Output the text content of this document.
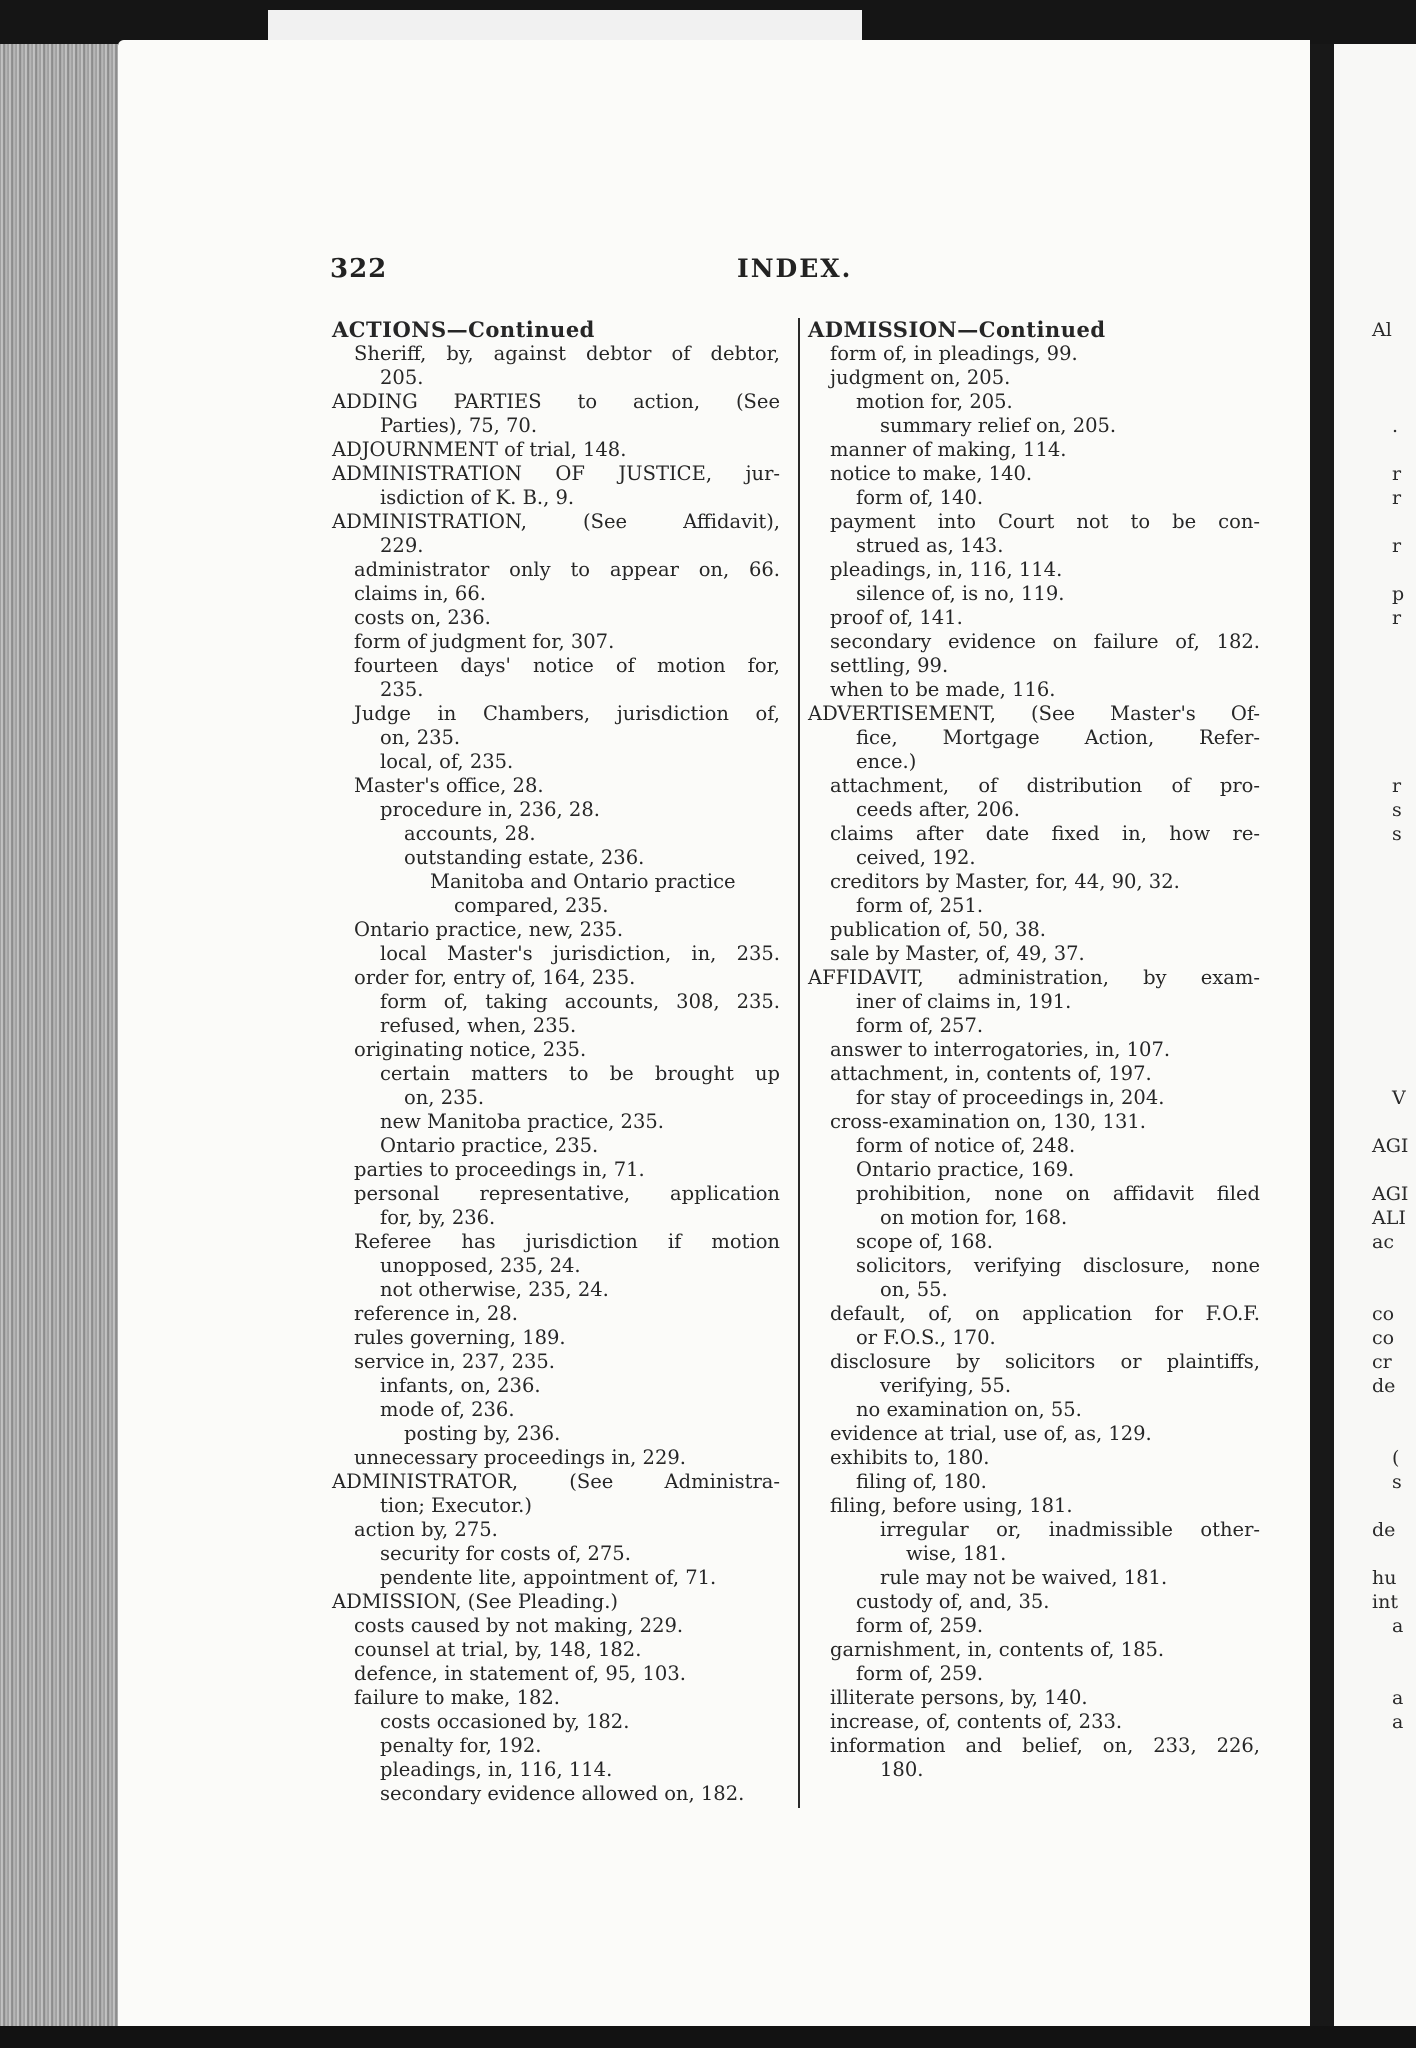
Al
.
r
r
r
p
r
r
s
s
V
AGI
AGI
ALI
ac
co
co
cr
de
(
s
de
hu
int
a
a
a
322	INDEX.
ACTIONS—Continued
Sheriff, by, against debtor of debtor,
205.
ADDING PARTIES to action, (See
Parties), 75, 70.
ADJOURNMENT of trial, 148.
ADMINISTRATION OF JUSTICE, jur-
isdiction of K. B., 9.
ADMINISTRATION, (See Affidavit),
229.
administrator only to appear on, 66.
claims in, 66.
costs on, 236.
form of judgment for, 307.
fourteen days' notice of motion for,
235.
Judge in Chambers, jurisdiction of,
on, 235.
local, of, 235.
Master's office, 28.
procedure in, 236, 28.
accounts, 28.
outstanding estate, 236.
Manitoba and Ontario practice
compared, 235.
Ontario practice, new, 235.
local Master's jurisdiction, in, 235.
order for, entry of, 164, 235.
form of, taking accounts, 308, 235.
refused, when, 235.
originating notice, 235.
certain matters to be brought up
on, 235.
new Manitoba practice, 235.
Ontario practice, 235.
parties to proceedings in, 71.
personal representative, application
for, by, 236.
Referee has jurisdiction if motion
unopposed, 235, 24.
not otherwise, 235, 24.
reference in, 28.
rules governing, 189.
service in, 237, 235.
infants, on, 236.
mode of, 236.
posting by, 236.
unnecessary proceedings in, 229.
ADMINISTRATOR, (See Administra-
tion; Executor.)
action by, 275.
security for costs of, 275.
pendente lite, appointment of, 71.
ADMISSION, (See Pleading.)
costs caused by not making, 229.
counsel at trial, by, 148, 182.
defence, in statement of, 95, 103.
failure to make, 182.
costs occasioned by, 182.
penalty for, 192.
pleadings, in, 116, 114.
secondary evidence allowed on, 182.
ADMISSION—Continued
form of, in pleadings, 99.
judgment on, 205.
motion for, 205.
summary relief on, 205.
manner of making, 114.
notice to make, 140.
form of, 140.
payment into Court not to be con-
strued as, 143.
pleadings, in, 116, 114.
silence of, is no, 119.
proof of, 141.
secondary evidence on failure of, 182.
settling, 99.
when to be made, 116.
ADVERTISEMENT, (See Master's Of-
fice, Mortgage Action, Refer-
ence.)
attachment, of distribution of pro-
ceeds after, 206.
claims after date fixed in, how re-
ceived, 192.
creditors by Master, for, 44, 90, 32.
form of, 251.
publication of, 50, 38.
sale by Master, of, 49, 37.
AFFIDAVIT, administration, by exam-
iner of claims in, 191.
form of, 257.
answer to interrogatories, in, 107.
attachment, in, contents of, 197.
for stay of proceedings in, 204.
cross-examination on, 130, 131.
form of notice of, 248.
Ontario practice, 169.
prohibition, none on affidavit filed
on motion for, 168.
scope of, 168.
solicitors, verifying disclosure, none
on, 55.
default, of, on application for F.O.F.
or F.O.S., 170.
disclosure by solicitors or plaintiffs,
verifying, 55.
no examination on, 55.
evidence at trial, use of, as, 129.
exhibits to, 180.
filing of, 180.
filing, before using, 181.
irregular or, inadmissible other-
wise, 181.
rule may not be waived, 181.
custody of, and, 35.
form of, 259.
garnishment, in, contents of, 185.
form of, 259.
illiterate persons, by, 140.
increase, of, contents of, 233.
information and belief, on, 233, 226,
180.
